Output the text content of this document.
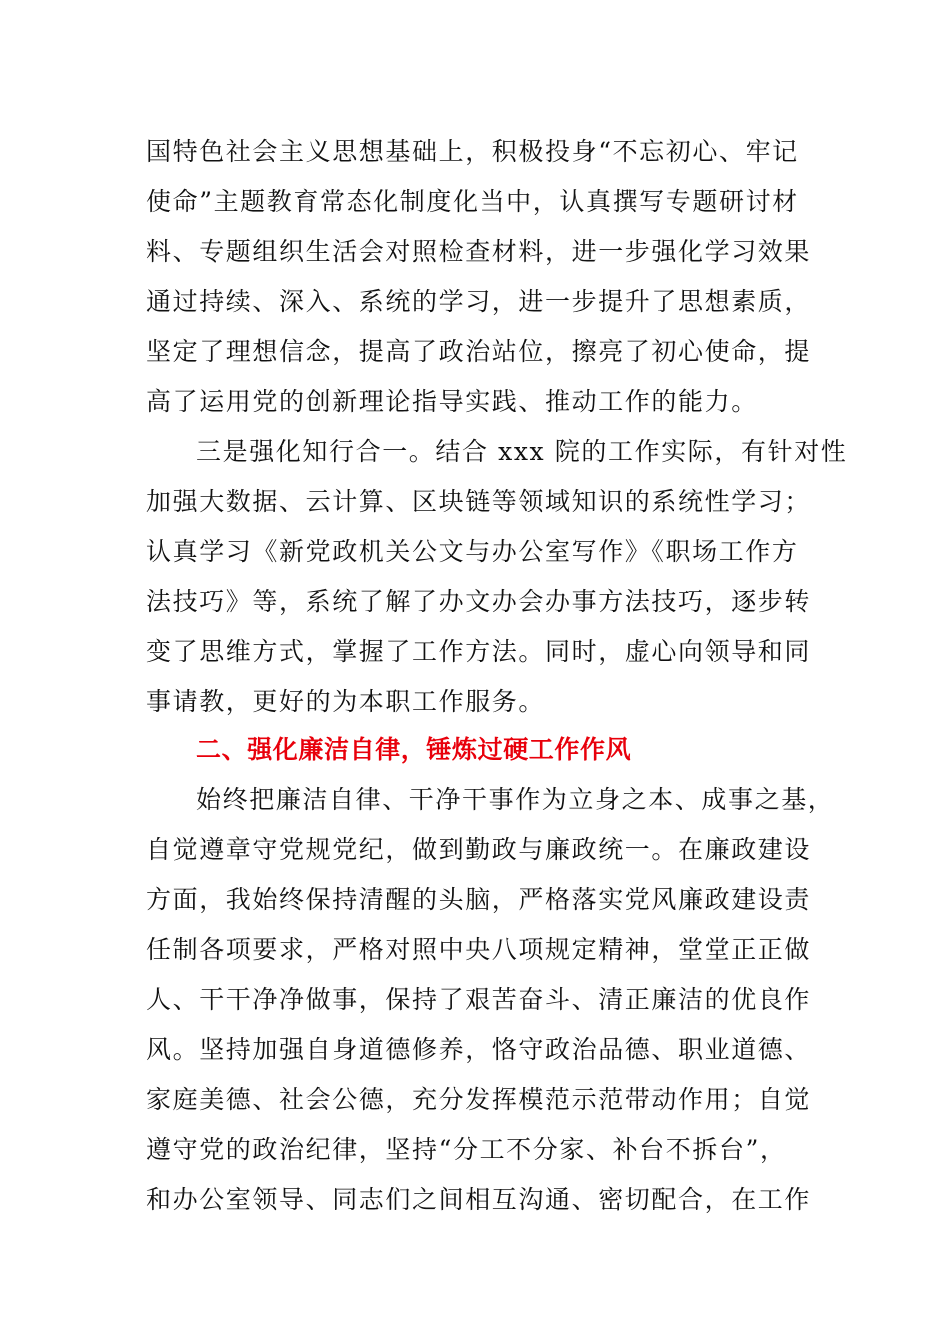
国特色社会主义思想基础上，积极投身“不忘初心、牢记
使命”主题教育常态化制度化当中，认真撰写专题研讨材
料、专题组织生活会对照检查材料，进一步强化学习效果
通过持续、深入、系统的学习，进一步提升了思想素质，
坚定了理想信念，提高了政治站位，擦亮了初心使命，提
高了运用党的创新理论指导实践、推动工作的能力。
三是强化知行合一。结合 xxx 院的工作实际，有针对性
加强大数据、云计算、区块链等领域知识的系统性学习；
认真学习《新党政机关公文与办公室写作》《职场工作方
法技巧》等，系统了解了办文办会办事方法技巧，逐步转
变了思维方式，掌握了工作方法。同时，虚心向领导和同
事请教，更好的为本职工作服务。
二、强化廉洁自律，锤炼过硬工作作风
始终把廉洁自律、干净干事作为立身之本、成事之基，
自觉遵章守党规党纪，做到勤政与廉政统一。在廉政建设
方面，我始终保持清醒的头脑，严格落实党风廉政建设责
任制各项要求，严格对照中央八项规定精神，堂堂正正做
人、干干净净做事，保持了艰苦奋斗、清正廉洁的优良作
风。坚持加强自身道德修养，恪守政治品德、职业道德、
家庭美德、社会公德，充分发挥模范示范带动作用；自觉
遵守党的政治纪律，坚持“分工不分家、补台不拆台”，
和办公室领导、同志们之间相互沟通、密切配合，在工作
